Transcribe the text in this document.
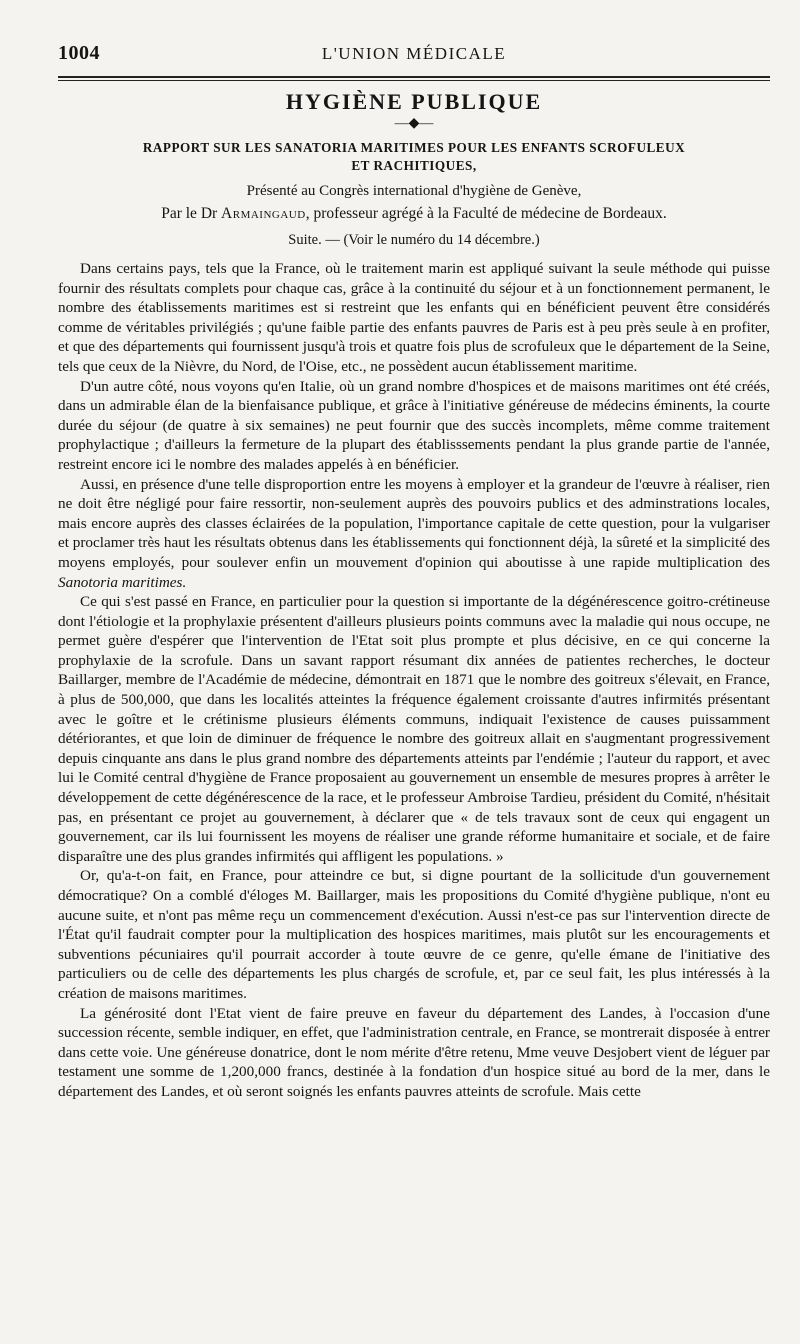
1004	L'UNION MÉDICALE
HYGIÈNE PUBLIQUE
―◆―
RAPPORT SUR LES SANATORIA MARITIMES POUR LES ENFANTS SCROFULEUX
ET RACHITIQUES,
Présenté au Congrès international d'hygiène de Genève,
Par le Dr Armaingaud, professeur agrégé à la Faculté de médecine de Bordeaux.
Suite. — (Voir le numéro du 14 décembre.)

Dans certains pays, tels que la France, où le traitement marin est appliqué suivant la seule méthode qui puisse fournir des résultats complets pour chaque cas, grâce à la continuité du séjour et à un fonctionnement permanent, le nombre des établissements maritimes est si restreint que les enfants qui en bénéficient peuvent être considérés comme de véritables privilégiés ; qu'une faible partie des enfants pauvres de Paris est à peu près seule à en profiter, et que des départements qui fournissent jusqu'à trois et quatre fois plus de scrofuleux que le département de la Seine, tels que ceux de la Nièvre, du Nord, de l'Oise, etc., ne possèdent aucun établissement maritime.

D'un autre côté, nous voyons qu'en Italie, où un grand nombre d'hospices et de maisons maritimes ont été créés, dans un admirable élan de la bienfaisance publique, et grâce à l'initiative généreuse de médecins éminents, la courte durée du séjour (de quatre à six semaines) ne peut fournir que des succès incomplets, même comme traitement prophylactique ; d'ailleurs la fermeture de la plupart des établisssements pendant la plus grande partie de l'année, restreint encore ici le nombre des malades appelés à en bénéficier.

Aussi, en présence d'une telle disproportion entre les moyens à employer et la grandeur de l'œuvre à réaliser, rien ne doit être négligé pour faire ressortir, non-seulement auprès des pouvoirs publics et des adminstrations locales, mais encore auprès des classes éclairées de la population, l'importance capitale de cette question, pour la vulgariser et proclamer très haut les résultats obtenus dans les établissements qui fonctionnent déjà, la sûreté et la simplicité des moyens employés, pour soulever enfin un mouvement d'opinion qui aboutisse à une rapide multiplication des Sanotoria maritimes.

Ce qui s'est passé en France, en particulier pour la question si importante de la dégénérescence goitro-crétineuse dont l'étiologie et la prophylaxie présentent d'ailleurs plusieurs points communs avec la maladie qui nous occupe, ne permet guère d'espérer que l'intervention de l'Etat soit plus prompte et plus décisive, en ce qui concerne la prophylaxie de la scrofule. Dans un savant rapport résumant dix années de patientes recherches, le docteur Baillarger, membre de l'Académie de médecine, démontrait en 1871 que le nombre des goitreux s'élevait, en France, à plus de 500,000, que dans les localités atteintes la fréquence également croissante d'autres infirmités présentant avec le goître et le crétinisme plusieurs éléments communs, indiquait l'existence de causes puissamment détériorantes, et que loin de diminuer de fréquence le nombre des goitreux allait en s'augmentant progressivement depuis cinquante ans dans le plus grand nombre des départements atteints par l'endémie ; l'auteur du rapport, et avec lui le Comité central d'hygiène de France proposaient au gouvernement un ensemble de mesures propres à arrêter le développement de cette dégénérescence de la race, et le professeur Ambroise Tardieu, président du Comité, n'hésitait pas, en présentant ce projet au gouvernement, à déclarer que « de tels travaux sont de ceux qui engagent un gouvernement, car ils lui fournissent les moyens de réaliser une grande réforme humanitaire et sociale, et de faire disparaître une des plus grandes infirmités qui affligent les populations. »

Or, qu'a-t-on fait, en France, pour atteindre ce but, si digne pourtant de la sollicitude d'un gouvernement démocratique? On a comblé d'éloges M. Baillarger, mais les propositions du Comité d'hygiène publique, n'ont eu aucune suite, et n'ont pas même reçu un commencement d'exécution. Aussi n'est-ce pas sur l'intervention directe de l'État qu'il faudrait compter pour la multiplication des hospices maritimes, mais plutôt sur les encouragements et subventions pécuniaires qu'il pourrait accorder à toute œuvre de ce genre, qu'elle émane de l'initiative des particuliers ou de celle des départements les plus chargés de scrofule, et, par ce seul fait, les plus intéressés à la création de maisons maritimes.

La générosité dont l'Etat vient de faire preuve en faveur du département des Landes, à l'occasion d'une succession récente, semble indiquer, en effet, que l'administration centrale, en France, se montrerait disposée à entrer dans cette voie. Une généreuse donatrice, dont le nom mérite d'être retenu, Mme veuve Desjobert vient de léguer par testament une somme de 1,200,000 francs, destinée à la fondation d'un hospice situé au bord de la mer, dans le département des Landes, et où seront soignés les enfants pauvres atteints de scrofule. Mais cette
